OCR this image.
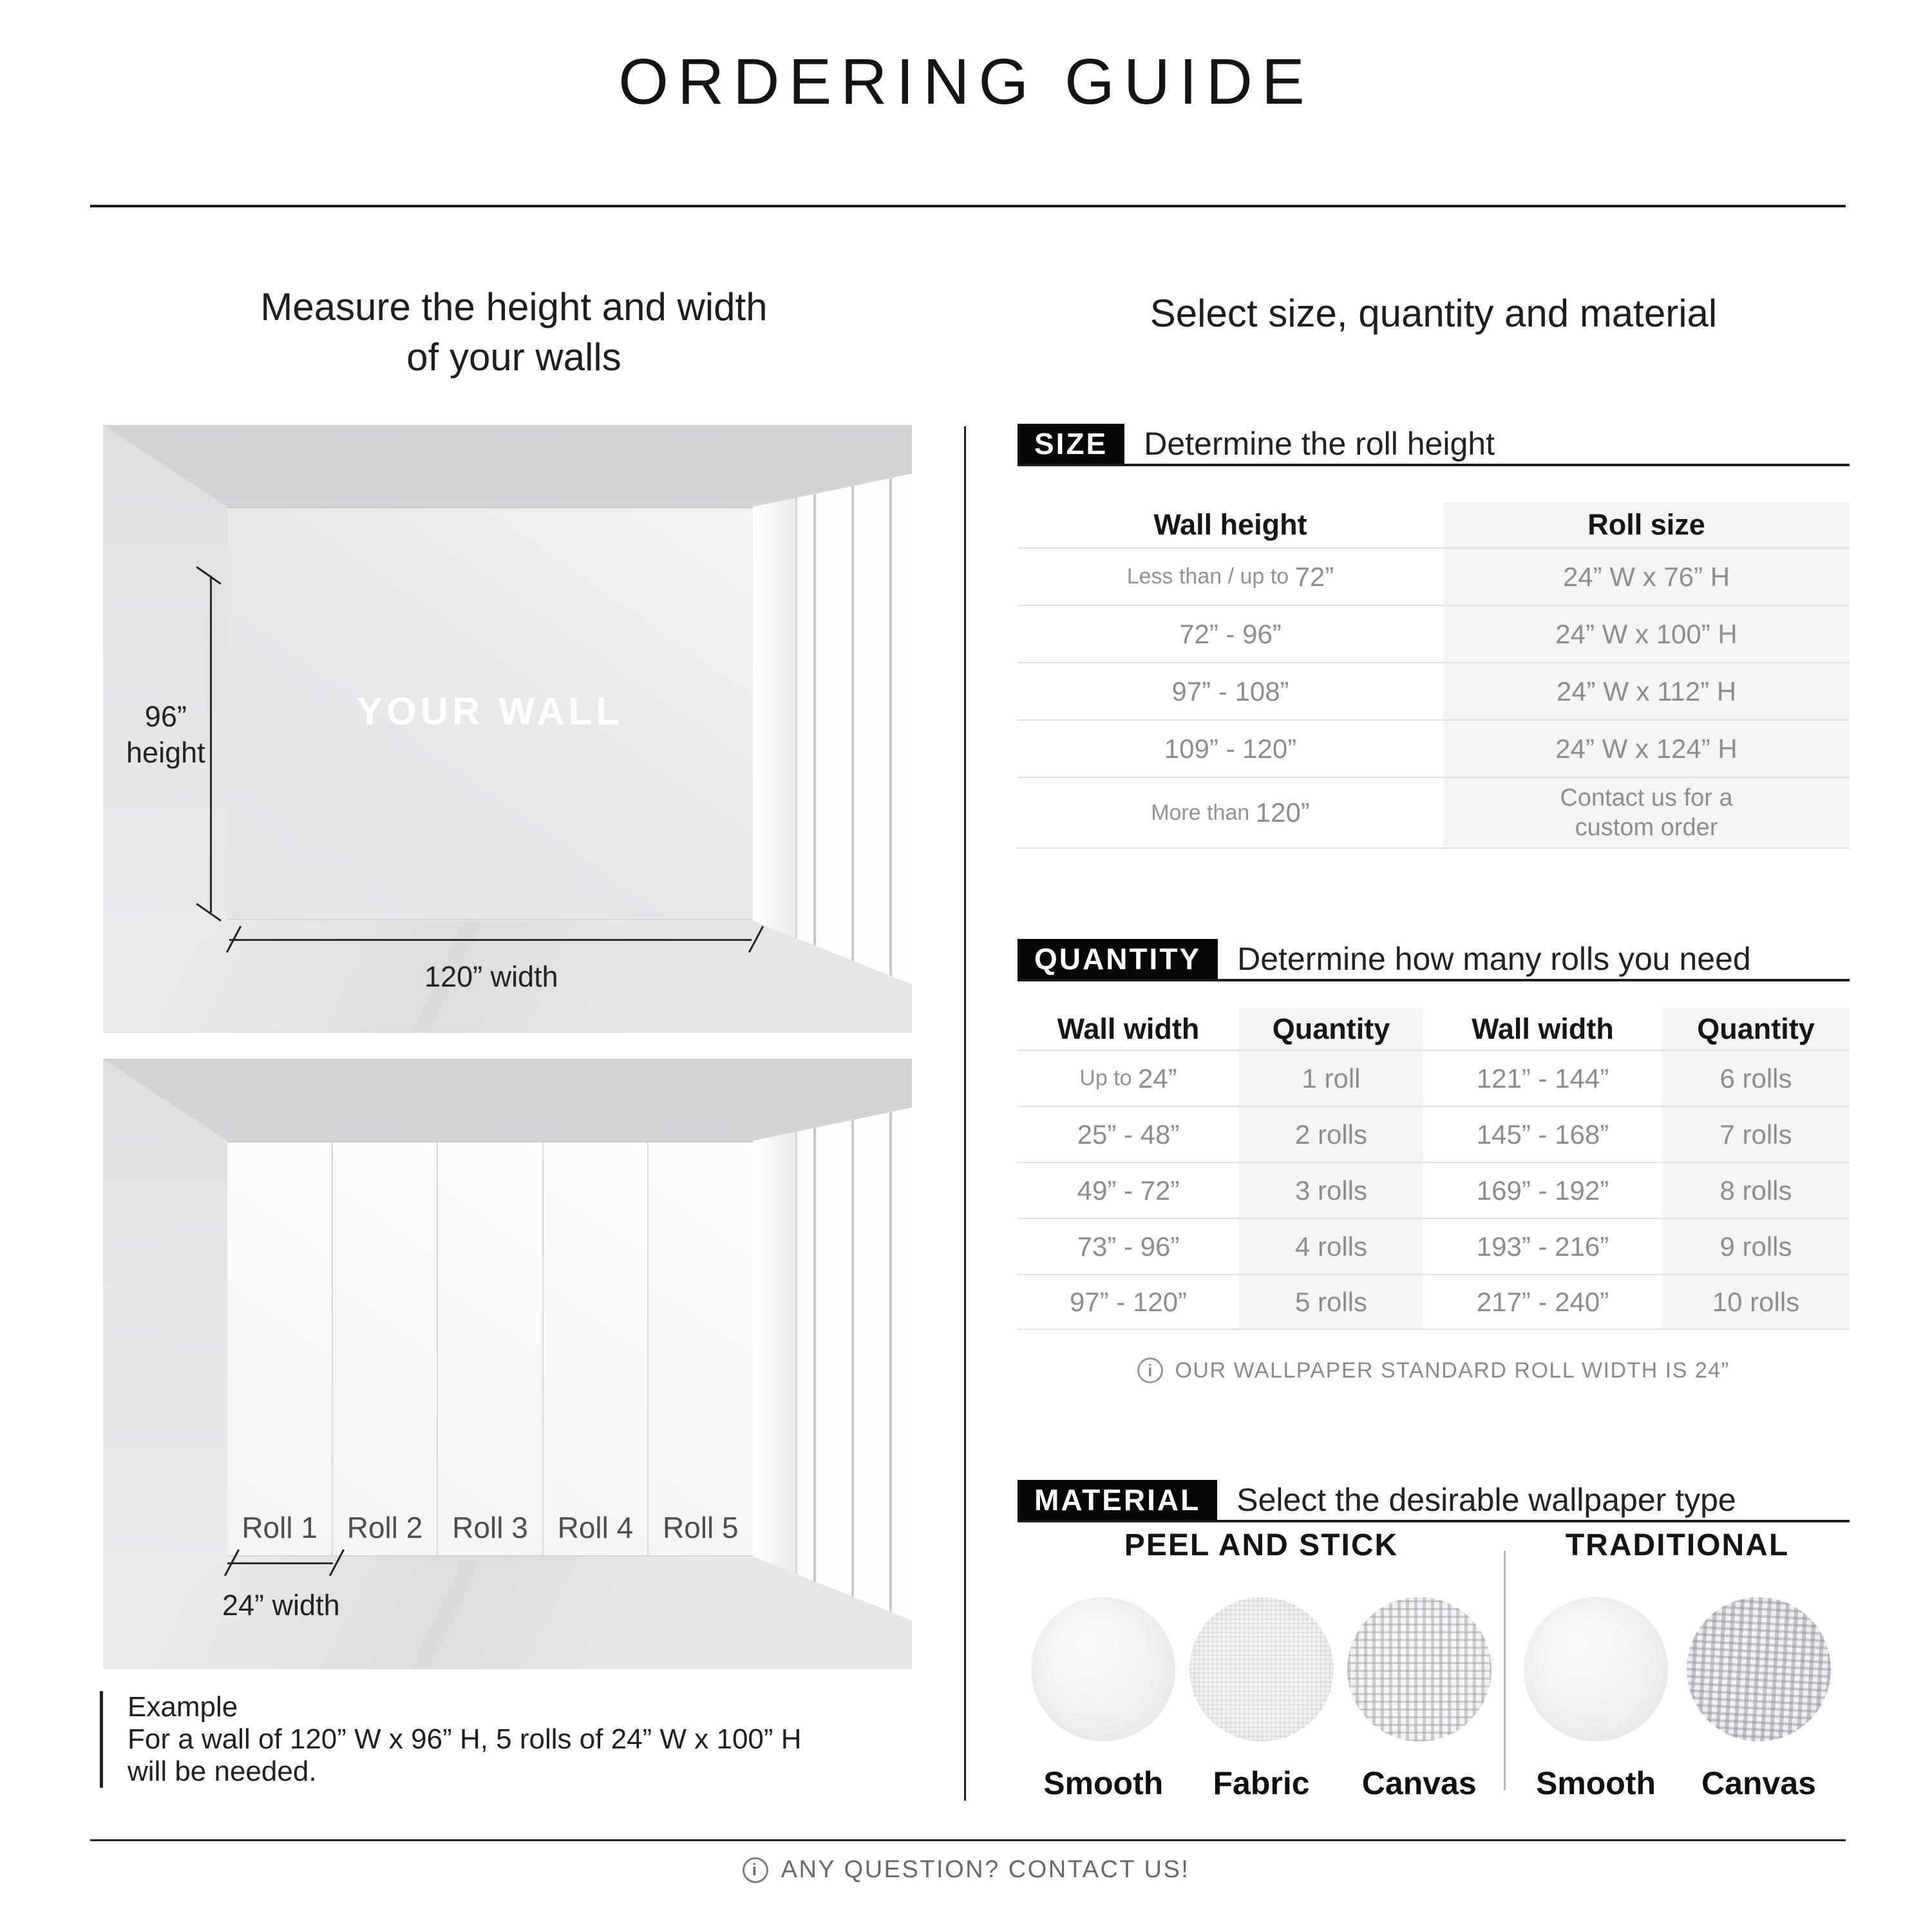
ORDERING GUIDE
Measure the height and width
of your walls
YOUR WALL
96”
height
120” width
Roll 1 Roll 2 Roll 3 Roll 4 Roll 5
24” width
Example
For a wall of 120” W x 96” H, 5 rolls of 24” W x 100” H
will be needed.
Select size, quantity and material
SIZE	Determine the roll height
Wall height	Roll size
Less than / up to 72”	24” W x 76” H
72” - 96”	24” W x 100” H
97” - 108”	24” W x 112” H
109” - 120”	24” W x 124” H
More than 120”	Contact us for a
custom order
QUANTITY	Determine how many rolls you need
Wall width	Quantity	Wall width	Quantity
Up to 24”	1 roll	121” - 144”	6 rolls
25” - 48”	2 rolls	145” - 168”	7 rolls
49” - 72”	3 rolls	169” - 192”	8 rolls
73” - 96”	4 rolls	193” - 216”	9 rolls
97” - 120”	5 rolls	217” - 240”	10 rolls
i OUR WALLPAPER STANDARD ROLL WIDTH IS 24”
MATERIAL	Select the desirable wallpaper type
PEEL AND STICK
Smooth Fabric Canvas
TRADITIONAL
Smooth Canvas
i ANY QUESTION? CONTACT US!
